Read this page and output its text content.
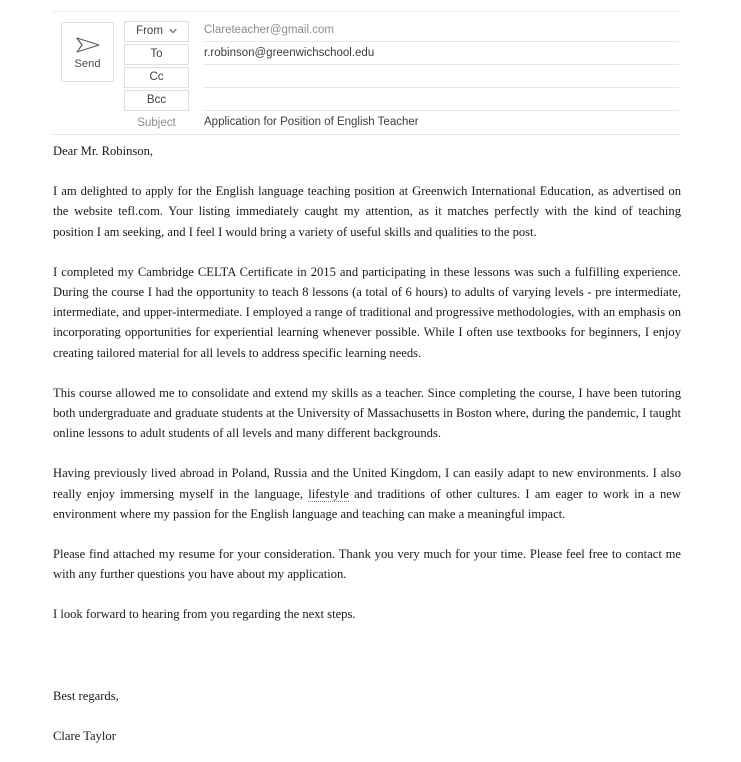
Send
From	Clareteacher@gmail.com
To	r.robinson@greenwichschool.edu
Cc
Bcc
Subject	Application for Position of English Teacher

Dear Mr. Robinson,

I am delighted to apply for the English language teaching position at Greenwich International Education, as advertised on the website tefl.com. Your listing immediately caught my attention, as it matches perfectly with the kind of teaching position I am seeking, and I feel I would bring a variety of useful skills and qualities to the post.

I completed my Cambridge CELTA Certificate in 2015 and participating in these lessons was such a fulfilling experience. During the course I had the opportunity to teach 8 lessons (a total of 6 hours) to adults of varying levels - pre intermediate, intermediate, and upper-intermediate. I employed a range of traditional and progressive methodologies, with an emphasis on incorporating opportunities for experiential learning whenever possible. While I often use textbooks for beginners, I enjoy creating tailored material for all levels to address specific learning needs.

This course allowed me to consolidate and extend my skills as a teacher. Since completing the course, I have been tutoring both undergraduate and graduate students at the University of Massachusetts in Boston where, during the pandemic, I taught online lessons to adult students of all levels and many different backgrounds.

Having previously lived abroad in Poland, Russia and the United Kingdom, I can easily adapt to new environments. I also really enjoy immersing myself in the language, lifestyle and traditions of other cultures. I am eager to work in a new environment where my passion for the English language and teaching can make a meaningful impact.

Please find attached my resume for your consideration. Thank you very much for your time. Please feel free to contact me with any further questions you have about my application.

I look forward to hearing from you regarding the next steps.

Best regards,

Clare Taylor
